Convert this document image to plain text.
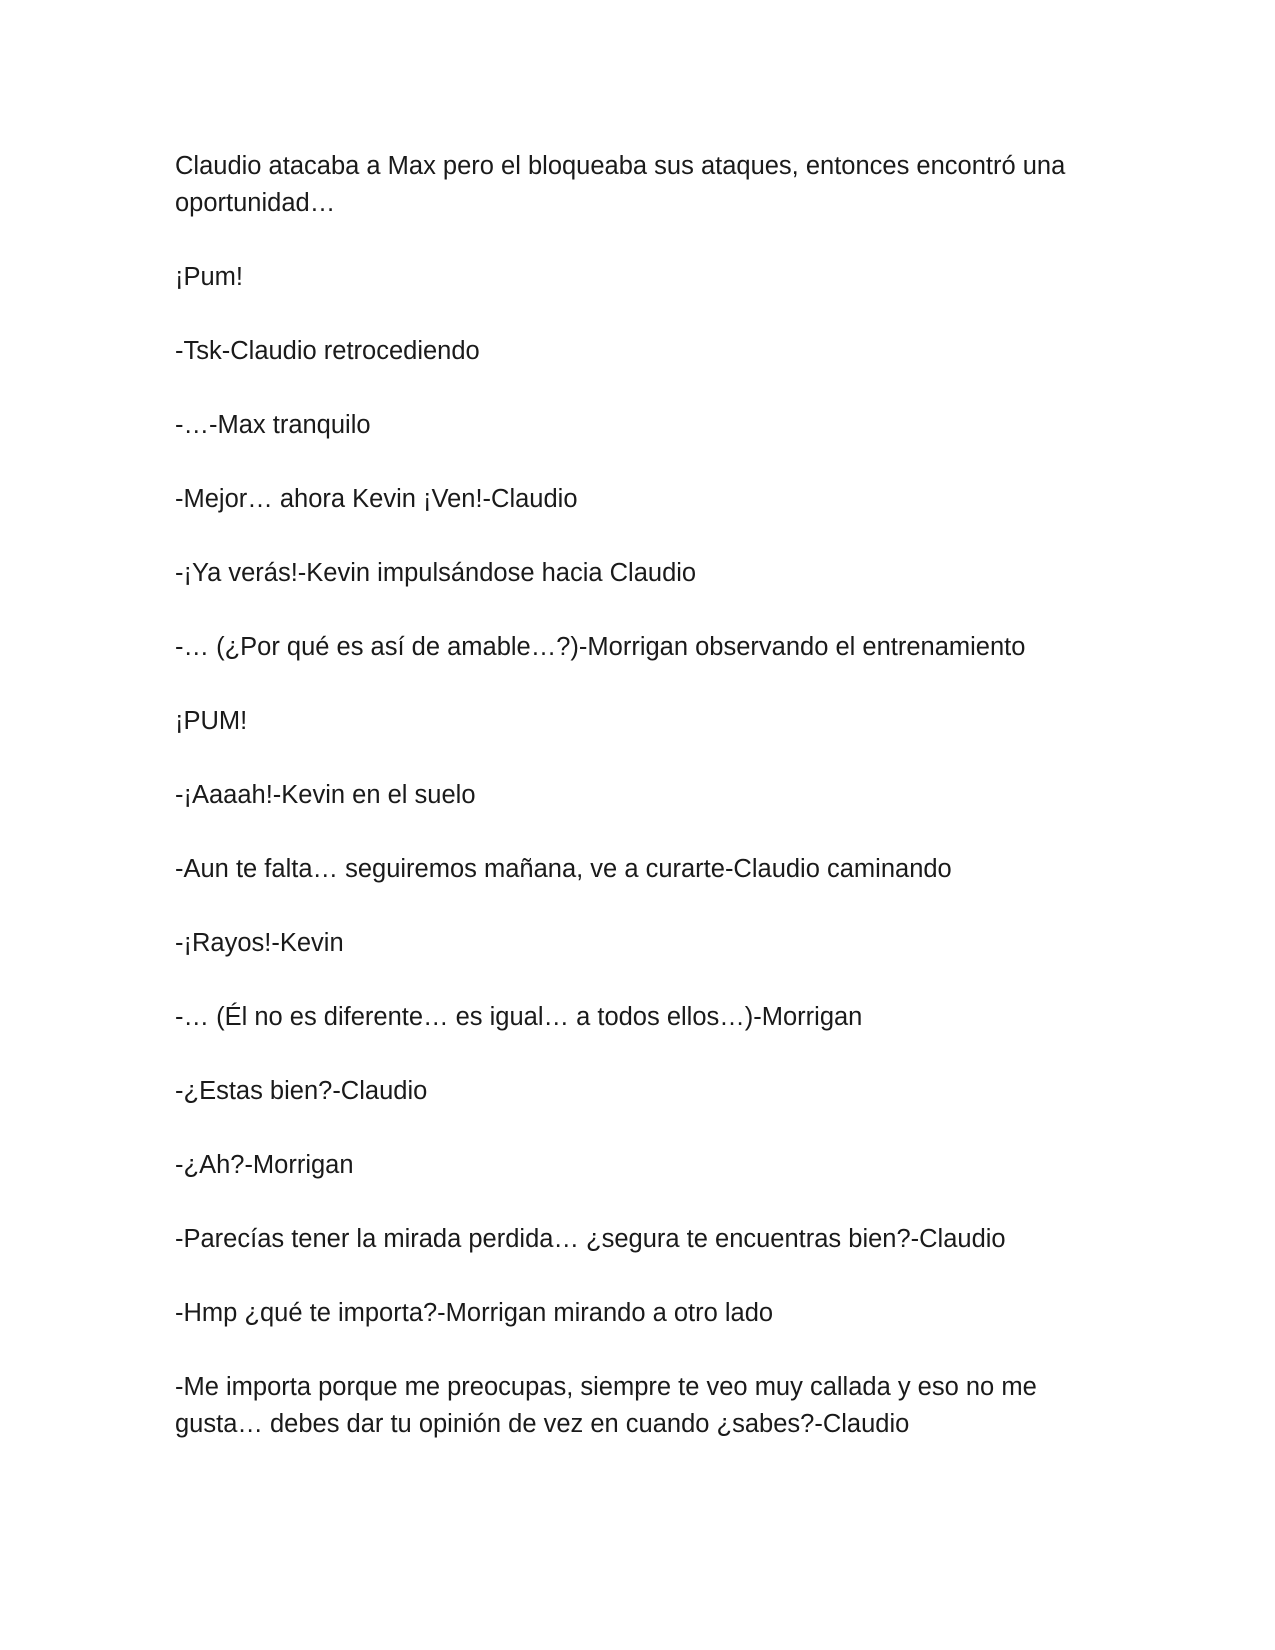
Claudio atacaba a Max pero el bloqueaba sus ataques, entonces encontró una oportunidad…

¡Pum!

-Tsk-Claudio retrocediendo

-…-Max tranquilo

-Mejor… ahora Kevin ¡Ven!-Claudio

-¡Ya verás!-Kevin impulsándose hacia Claudio

-… (¿Por qué es así de amable…?)-Morrigan observando el entrenamiento

¡PUM!

-¡Aaaah!-Kevin en el suelo

-Aun te falta… seguiremos mañana, ve a curarte-Claudio caminando

-¡Rayos!-Kevin

-… (Él no es diferente… es igual… a todos ellos…)-Morrigan

-¿Estas bien?-Claudio

-¿Ah?-Morrigan

-Parecías tener la mirada perdida… ¿segura te encuentras bien?-Claudio

-Hmp ¿qué te importa?-Morrigan mirando a otro lado

-Me importa porque me preocupas, siempre te veo muy callada y eso no me gusta… debes dar tu opinión de vez en cuando ¿sabes?-Claudio
